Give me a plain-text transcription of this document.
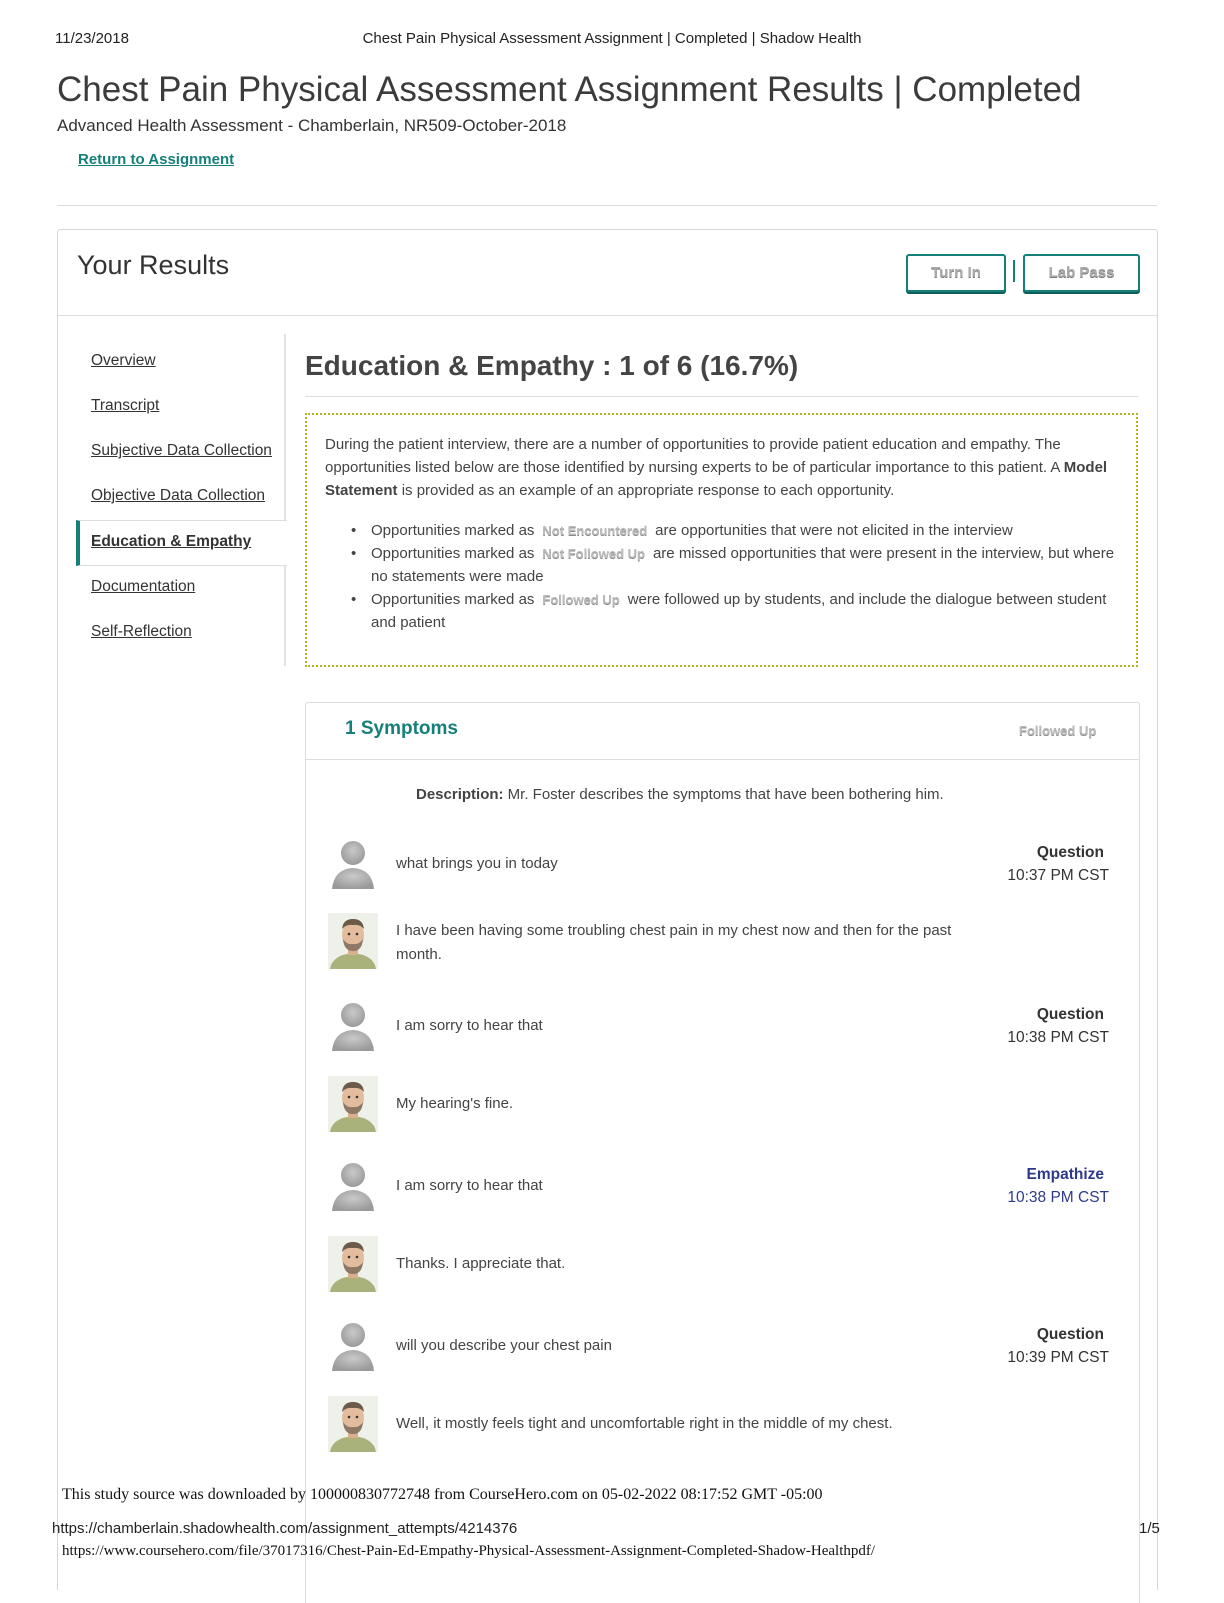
11/23/2018	Chest Pain Physical Assessment Assignment | Completed | Shadow Health
Chest Pain Physical Assessment Assignment Results | Completed
Advanced Health Assessment - Chamberlain, NR509-October-2018
Return to Assignment
Your Results	Turn In	Lab Pass
Overview
Transcript
Subjective Data Collection
Objective Data Collection
Education & Empathy
Documentation
Self-Reflection
Education & Empathy : 1 of 6 (16.7%)

During the patient interview, there are a number of opportunities to provide patient education and empathy. The opportunities listed below are those identified by nursing experts to be of particular importance to this patient. A Model Statement is provided as an example of an appropriate response to each opportunity.

• Opportunities marked as Not Encountered are opportunities that were not elicited in the interview
• Opportunities marked as Not Followed Up are missed opportunities that were present in the interview, but where no statements were made
• Opportunities marked as Followed Up were followed up by students, and include the dialogue between student and patient
1 Symptoms	Followed Up
Description: Mr. Foster describes the symptoms that have been bothering him.
what brings you in today
Question
10:37 PM CST
I have been having some troubling chest pain in my chest now and then for the past month.
I am sorry to hear that
Question
10:38 PM CST
My hearing's fine.
I am sorry to hear that
Empathize
10:38 PM CST
Thanks. I appreciate that.
will you describe your chest pain
Question
10:39 PM CST
Well, it mostly feels tight and uncomfortable right in the middle of my chest.
This study source was downloaded by 100000830772748 from CourseHero.com on 05-02-2022 08:17:52 GMT -05:00
https://chamberlain.shadowhealth.com/assignment_attempts/4214376	1/5
https://www.coursehero.com/file/37017316/Chest-Pain-Ed-Empathy-Physical-Assessment-Assignment-Completed-Shadow-Healthpdf/
